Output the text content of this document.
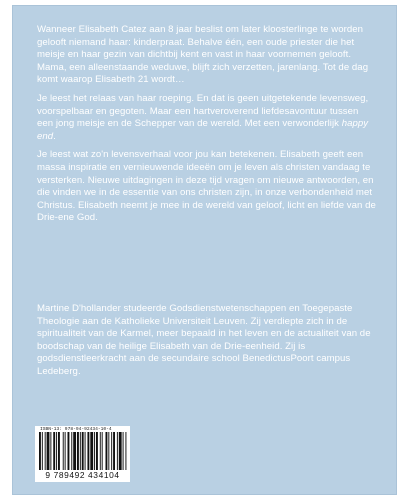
Wanneer Elisabeth Catez aan 8 jaar beslist om later kloosterlinge te worden gelooft niemand haar: kinderpraat. Behalve één, een oude priester die het meisje en haar gezin van dichtbij kent en vast in haar voornemen gelooft. Mama, een alleenstaande weduwe, blijft zich verzetten, jarenlang. Tot de dag komt waarop Elisabeth 21 wordt…

Je leest het relaas van haar roeping. En dat is geen uitgetekende levensweg, voorspelbaar en gegoten. Maar een hartveroverend liefdesavontuur tussen een jong meisje en de Schepper van de wereld. Met een verwonderlijk happy end.

Je leest wat zo'n levensverhaal voor jou kan betekenen. Elisabeth geeft een massa inspiratie en vernieuwende ideeën om je leven als christen vandaag te versterken. Nieuwe uitdagingen in deze tijd vragen om nieuwe antwoorden, en die vinden we in de essentie van ons christen zijn, in onze verbondenheid met Christus. Elisabeth neemt je mee in de wereld van geloof, licht en liefde van de Drie-ene God.

Martine D'hollander studeerde Godsdienstwetenschappen en Toegepaste Theologie aan de Katholieke Universiteit Leuven. Zij verdiepte zich in de spiritualiteit van de Karmel, meer bepaald in het leven en de actualiteit van de boodschap van de heilige Elisabeth van de Drie-eenheid. Zij is godsdienstleerkracht aan de secundaire school BenedictusPoort campus Ledeberg.

ISBN-13: 978-94-92434-10-4
9 789492 434104
